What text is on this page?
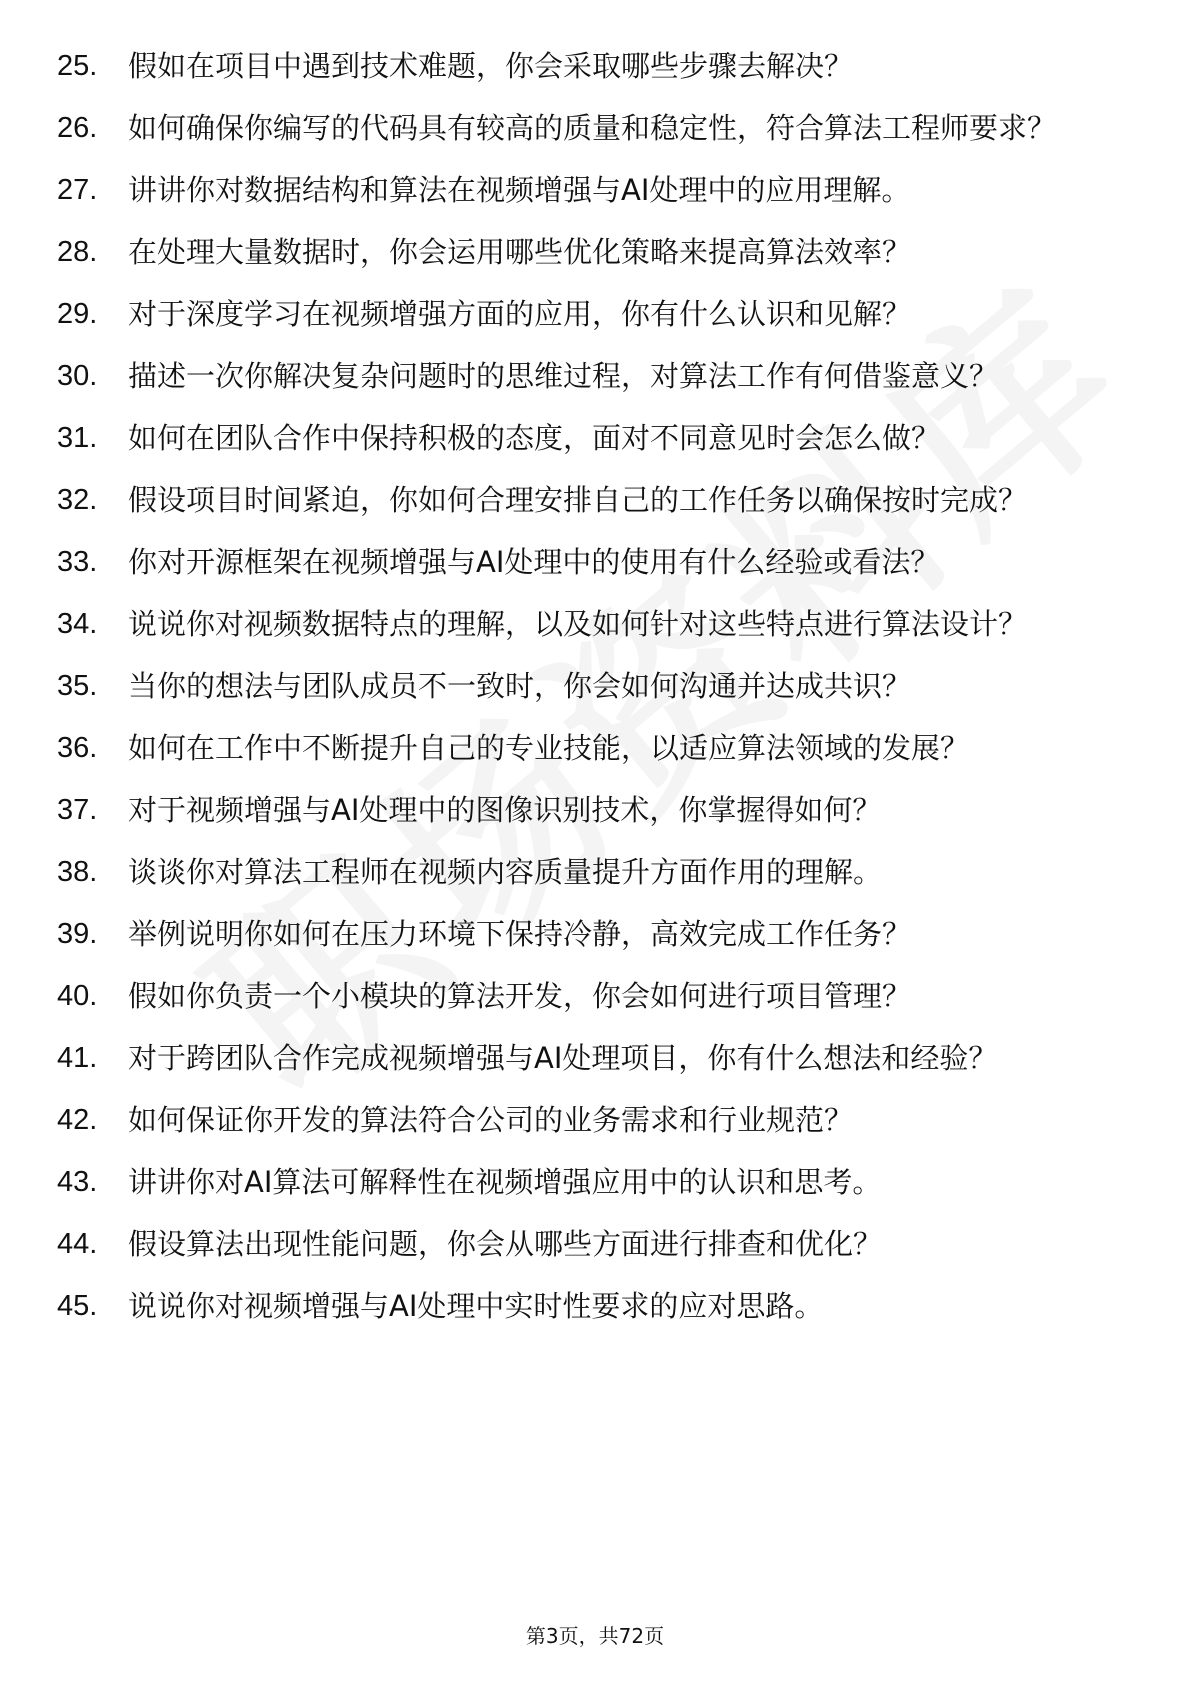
25. 假如在项目中遇到技术难题，你会采取哪些步骤去解决？
26. 如何确保你编写的代码具有较高的质量和稳定性，符合算法工程师要求？
27. 讲讲你对数据结构和算法在视频增强与AI处理中的应用理解。
28. 在处理大量数据时，你会运用哪些优化策略来提高算法效率？
29. 对于深度学习在视频增强方面的应用，你有什么认识和见解？
30. 描述一次你解决复杂问题时的思维过程，对算法工作有何借鉴意义？
31. 如何在团队合作中保持积极的态度，面对不同意见时会怎么做？
32. 假设项目时间紧迫，你如何合理安排自己的工作任务以确保按时完成？
33. 你对开源框架在视频增强与AI处理中的使用有什么经验或看法？
34. 说说你对视频数据特点的理解，以及如何针对这些特点进行算法设计？
35. 当你的想法与团队成员不一致时，你会如何沟通并达成共识？
36. 如何在工作中不断提升自己的专业技能，以适应算法领域的发展？
37. 对于视频增强与AI处理中的图像识别技术，你掌握得如何？
38. 谈谈你对算法工程师在视频内容质量提升方面作用的理解。
39. 举例说明你如何在压力环境下保持冷静，高效完成工作任务？
40. 假如你负责一个小模块的算法开发，你会如何进行项目管理？
41. 对于跨团队合作完成视频增强与AI处理项目，你有什么想法和经验？
42. 如何保证你开发的算法符合公司的业务需求和行业规范？
43. 讲讲你对AI算法可解释性在视频增强应用中的认识和思考。
44. 假设算法出现性能问题，你会从哪些方面进行排查和优化？
45. 说说你对视频增强与AI处理中实时性要求的应对思路。
第3页，共72页
